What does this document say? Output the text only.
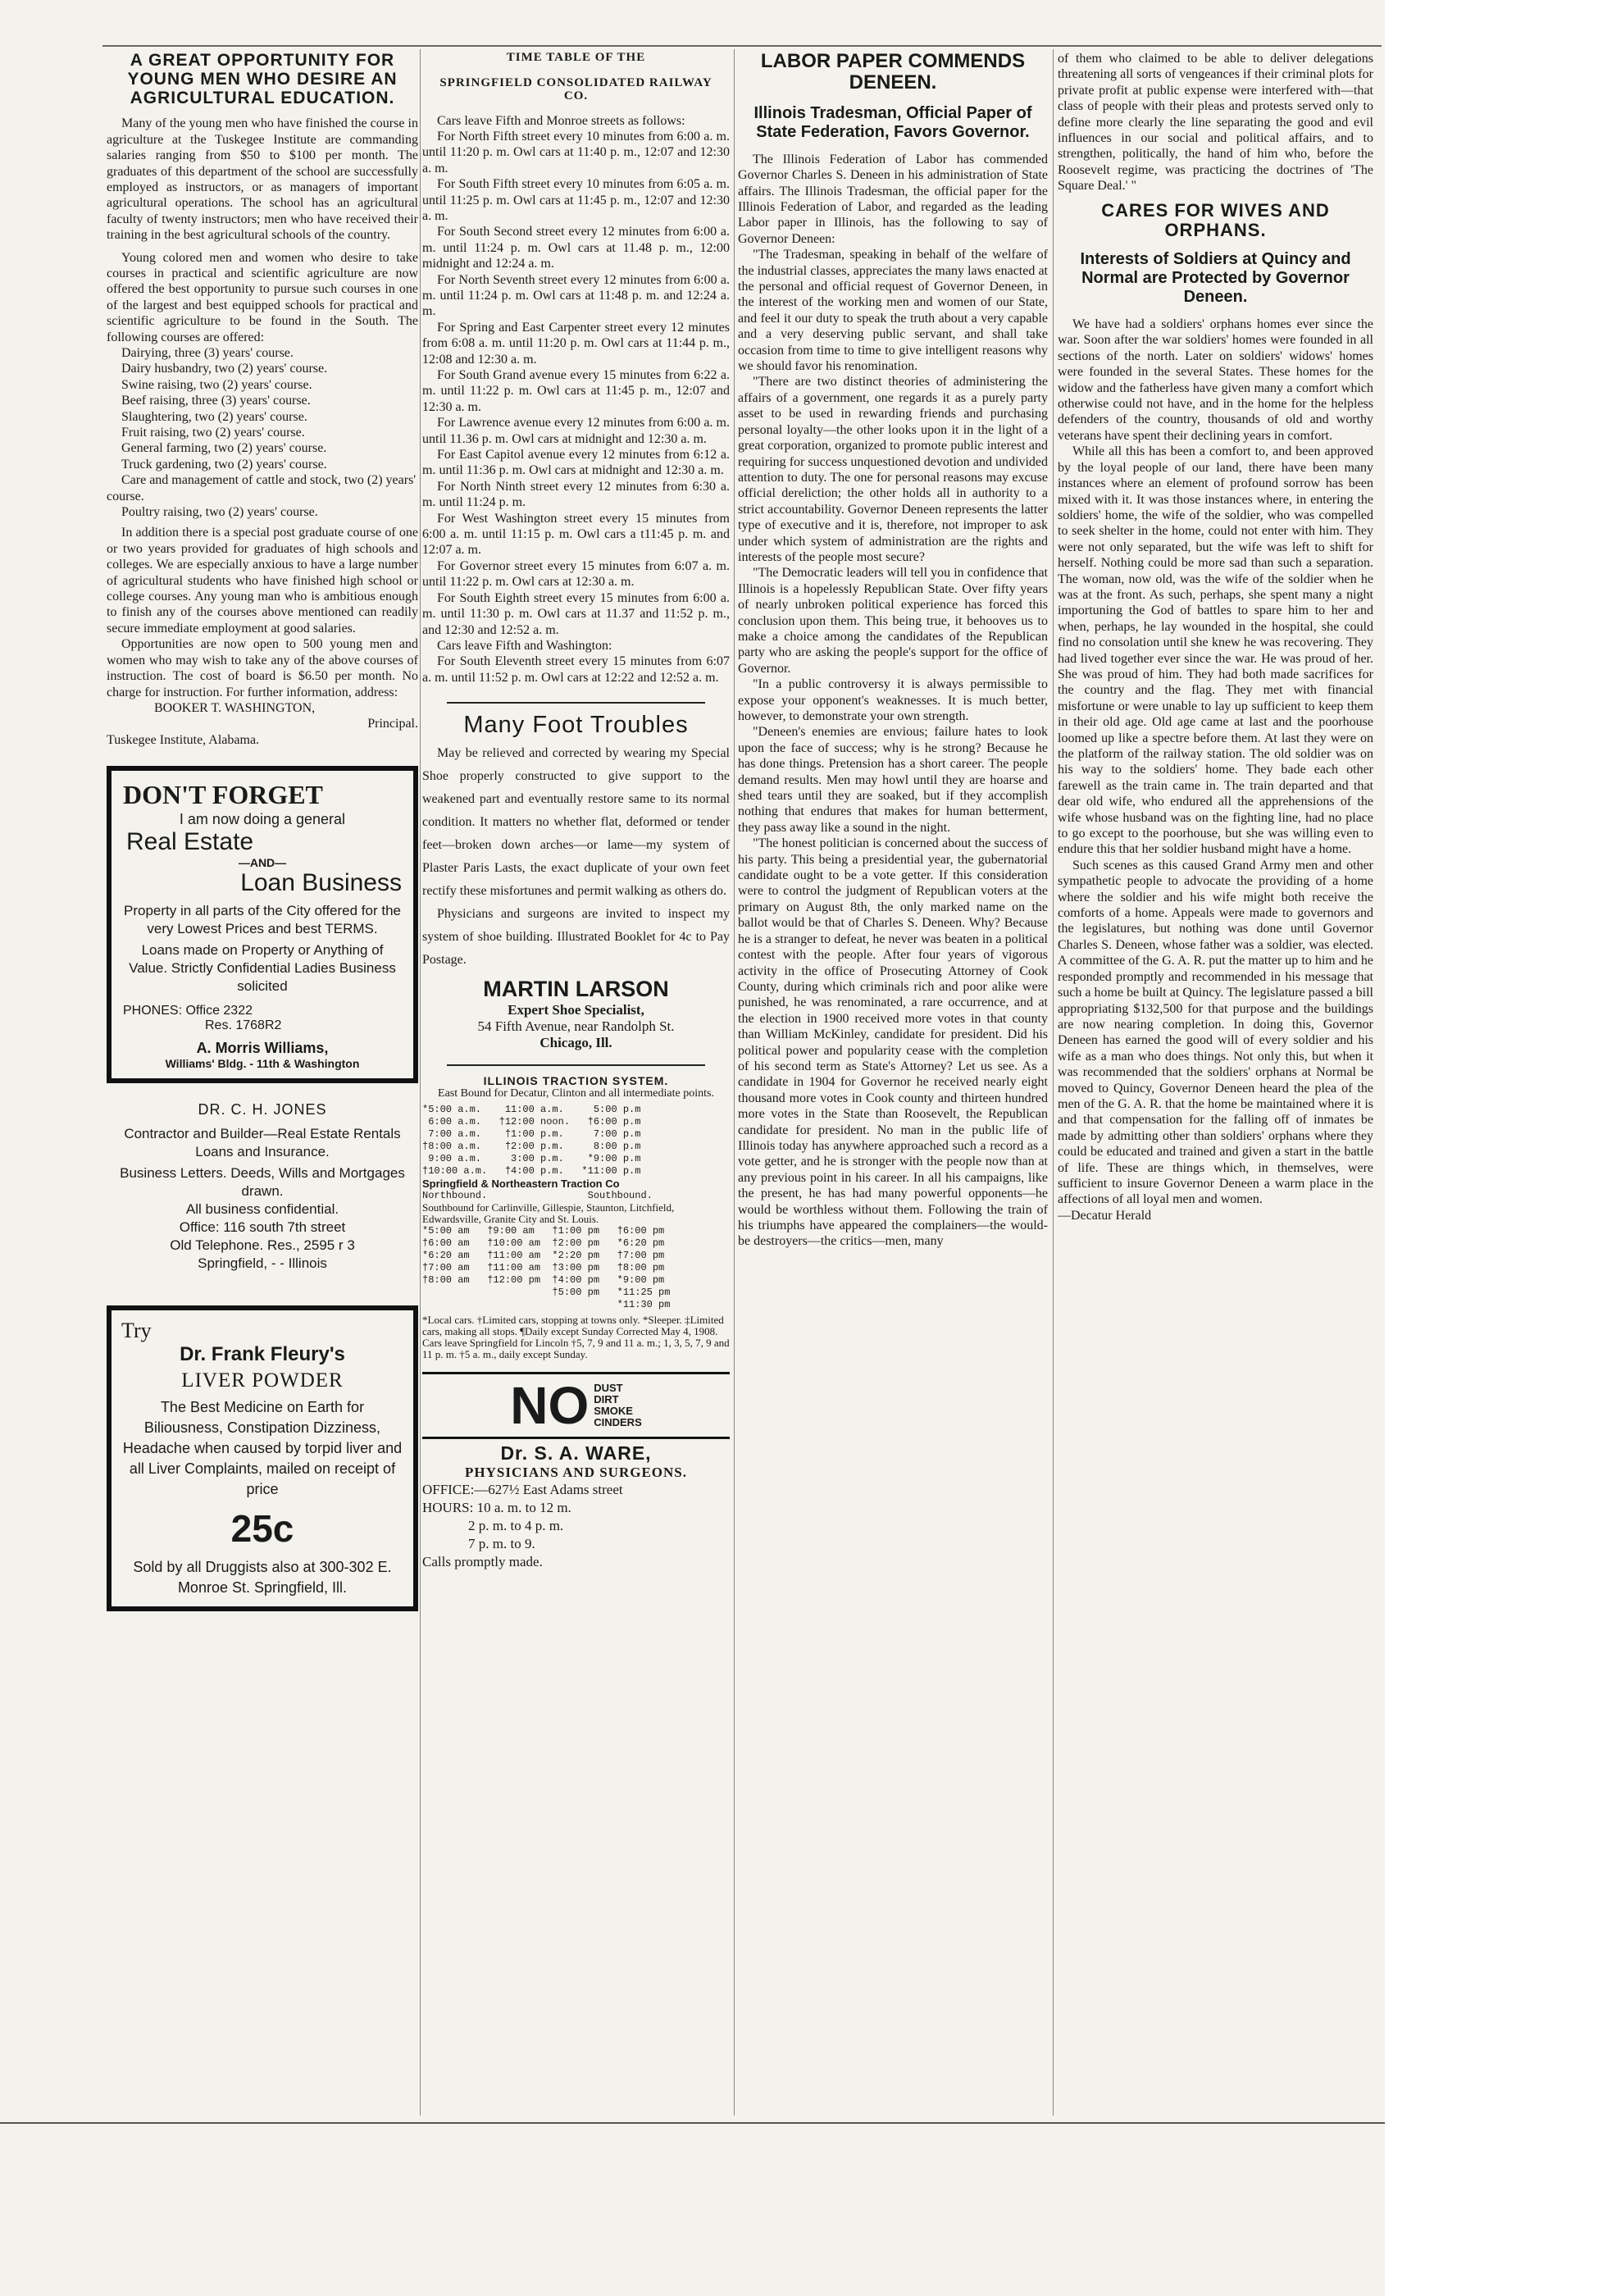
A GREAT OPPORTUNITY FOR YOUNG MEN WHO DESIRE AN AGRICULTURAL EDUCATION.
Many of the young men who have finished the course in agriculture at the Tuskegee Institute are commanding salaries ranging from $50 to $100 per month. The graduates of this department of the school are successfully employed as instructors, or as managers of important agricultural operations. The school has an agricultural faculty of twenty instructors; men who have received their training in the best agricultural schools of the country.
Young colored men and women who desire to take courses in practical and scientific agriculture are now offered the best opportunity to pursue such courses in one of the largest and best equipped schools for practical and scientific agriculture to be found in the South. The following courses are offered:
Dairying, three (3) years' course.
Dairy husbandry, two (2) years' course.
Swine raising, two (2) years' course.
Beef raising, three (3) years' course.
Slaughtering, two (2) years' course.
Fruit raising, two (2) years' course.
General farming, two (2) years' course.
Truck gardening, two (2) years' course.
Care and management of cattle and stock, two (2) years' course.
Poultry raising, two (2) years' course.
In addition there is a special post graduate course of one or two years provided for graduates of high schools and colleges. We are especially anxious to have a large number of agricultural students who have finished high school or college courses. Any young man who is ambitious enough to finish any of the courses above mentioned can readily secure immediate employment at good salaries.
Opportunities are now open to 500 young men and women who may wish to take any of the above courses of instruction. The cost of board is $6.50 per month. No charge for instruction. For further information, address:
BOOKER T. WASHINGTON,
Principal.
Tuskegee Institute, Alabama.
DON'T FORGET
I am now doing a general
Real Estate
—AND—
Loan Business
Property in all parts of the City offered for the very Lowest Prices and best TERMS.
Loans made on Property or Anything of Value. Strictly Confidential Ladies Business solicited
PHONES: Office 2322
Res. 1768R2
A. Morris Williams,
Williams' Bldg. - 11th & Washington
DR. C. H. JONES
Contractor and Builder—Real Estate Rentals Loans and Insurance.
Business Letters. Deeds, Wills and Mortgages drawn.
All business confidential.
Office: 116 south 7th street
Old Telephone. Res., 2595 r 3
Springfield, - - Illinois
Try
Dr. Frank Fleury's
LIVER POWDER
The Best Medicine on Earth for Biliousness, Constipation Dizziness, Headache when caused by torpid liver and all Liver Complaints, mailed on receipt of price
25c
Sold by all Druggists also at 300-302 E. Monroe St. Springfield, Ill.
TIME TABLE OF THE
SPRINGFIELD CONSOLIDATED RAILWAY CO.
Cars leave Fifth and Monroe streets as follows:
For North Fifth street every 10 minutes from 6:00 a. m. until 11:20 p. m. Owl cars at 11:40 p. m., 12:07 and 12:30 a. m.
For South Fifth street every 10 minutes from 6:05 a. m. until 11:25 p. m. Owl cars at 11:45 p. m., 12:07 and 12:30 a. m.
For South Second street every 12 minutes from 6:00 a. m. until 11:24 p. m. Owl cars at 11.48 p. m., 12:00 midnight and 12:24 a. m.
For North Seventh street every 12 minutes from 6:00 a. m. until 11:24 p. m. Owl cars at 11:48 p. m. and 12:24 a. m.
For Spring and East Carpenter street every 12 minutes from 6:08 a. m. until 11:20 p. m. Owl cars at 11:44 p. m., 12:08 and 12:30 a. m.
For South Grand avenue every 15 minutes from 6:22 a. m. until 11:22 p. m. Owl cars at 11:45 p. m., 12:07 and 12:30 a. m.
For Lawrence avenue every 12 minutes from 6:00 a. m. until 11.36 p. m. Owl cars at midnight and 12:30 a. m.
For East Capitol avenue every 12 minutes from 6:12 a. m. until 11:36 p. m. Owl cars at midnight and 12:30 a. m.
For North Ninth street every 12 minutes from 6:30 a. m. until 11:24 p. m.
For West Washington street every 15 minutes from 6:00 a. m. until 11:15 p. m. Owl cars a t11:45 p. m. and 12:07 a. m.
For Governor street every 15 minutes from 6:07 a. m. until 11:22 p. m. Owl cars at 12:30 a. m.
For South Eighth street every 15 minutes from 6:00 a. m. until 11:30 p. m. Owl cars at 11.37 and 11:52 p. m., and 12:30 and 12:52 a. m.
Cars leave Fifth and Washington:
For South Eleventh street every 15 minutes from 6:07 a. m. until 11:52 p. m. Owl cars at 12:22 and 12:52 a. m.
Many Foot Troubles
May be relieved and corrected by wearing my Special Shoe properly constructed to give support to the weakened part and eventually restore same to its normal condition. It matters no whether flat, deformed or tender feet—broken down arches—or lame—my system of Plaster Paris Lasts, the exact duplicate of your own feet rectify these misfortunes and permit walking as others do.
Physicians and surgeons are invited to inspect my system of shoe building. Illustrated Booklet for 4c to Pay Postage.
MARTIN LARSON
Expert Shoe Specialist,
54 Fifth Avenue, near Randolph St.
Chicago, Ill.
ILLINOIS TRACTION SYSTEM.
East Bound for Decatur, Clinton and all intermediate points.
*5:00 a.m.    11:00 a.m.     5:00 p.m
6:00 a.m.   †12:00 noon.   †6:00 p.m
7:00 a.m.    †1:00 p.m.     7:00 p.m
†8:00 a.m.    †2:00 p.m.     8:00 p.m
9:00 a.m.     3:00 p.m.    *9:00 p.m
†10:00 a.m.   †4:00 p.m.   *11:00 p.m
Springfield & Northeastern Traction Co
Northbound.                 Southbound.
Southbound for Carlinville, Gillespie, Staunton, Litchfield, Edwardsville, Granite City and St. Louis.
*5:00 am   †9:00 am   †1:00 pm   †6:00 pm
†6:00 am   †10:00 am  †2:00 pm   *6:20 pm
*6:20 am   †11:00 am  *2:20 pm   †7:00 pm
†7:00 am   †11:00 am  †3:00 pm   †8:00 pm
†8:00 am   †12:00 pm  †4:00 pm   *9:00 pm
†5:00 pm   *11:25 pm
*11:30 pm
*Local cars. †Limited cars, stopping at towns only. *Sleeper. ‡Limited cars, making all stops. ¶Daily except Sunday Corrected May 4, 1908. Cars leave Springfield for Lincoln †5, 7, 9 and 11 a. m.; 1, 3, 5, 7, 9 and 11 p. m. †5 a. m., daily except Sunday.
NO DUST
DIRT
SMOKE
CINDERS
Dr. S. A. WARE,
PHYSICIANS AND SURGEONS.
OFFICE:—627½ East Adams street
HOURS: 10 a. m. to 12 m.
2 p. m. to 4 p. m.
7 p. m. to 9.
Calls promptly made.
LABOR PAPER COMMENDS DENEEN.
Illinois Tradesman, Official Paper of State Federation, Favors Governor.
The Illinois Federation of Labor has commended Governor Charles S. Deneen in his administration of State affairs. The Illinois Tradesman, the official paper for the Illinois Federation of Labor, and regarded as the leading Labor paper in Illinois, has the following to say of Governor Deneen:
"The Tradesman, speaking in behalf of the welfare of the industrial classes, appreciates the many laws enacted at the personal and official request of Governor Deneen, in the interest of the working men and women of our State, and feel it our duty to speak the truth about a very capable and a very deserving public servant, and shall take occasion from time to time to give intelligent reasons why we should favor his renomination.
"There are two distinct theories of administering the affairs of a government, one regards it as a purely party asset to be used in rewarding friends and purchasing personal loyalty—the other looks upon it in the light of a great corporation, organized to promote public interest and requiring for success unquestioned devotion and undivided attention to duty. The one for personal reasons may excuse official dereliction; the other holds all in authority to a strict accountability. Governor Deneen represents the latter type of executive and it is, therefore, not improper to ask under which system of administration are the rights and interests of the people most secure?
"The Democratic leaders will tell you in confidence that Illinois is a hopelessly Republican State. Over fifty years of nearly unbroken political experience has forced this conclusion upon them. This being true, it behooves us to make a choice among the candidates of the Republican party who are asking the people's support for the office of Governor.
"In a public controversy it is always permissible to expose your opponent's weaknesses. It is much better, however, to demonstrate your own strength.
"Deneen's enemies are envious; failure hates to look upon the face of success; why is he strong? Because he has done things. Pretension has a short career. The people demand results. Men may howl until they are hoarse and shed tears until they are soaked, but if they accomplish nothing that endures that makes for human betterment, they pass away like a sound in the night.
"The honest politician is concerned about the success of his party. This being a presidential year, the gubernatorial candidate ought to be a vote getter. If this consideration were to control the judgment of Republican voters at the primary on August 8th, the only marked name on the ballot would be that of Charles S. Deneen. Why? Because he is a stranger to defeat, he never was beaten in a political contest with the people. After four years of vigorous activity in the office of Prosecuting Attorney of Cook County, during which criminals rich and poor alike were punished, he was renominated, a rare occurrence, and at the election in 1900 received more votes in that county than William McKinley, candidate for president. Did his political power and popularity cease with the completion of his second term as State's Attorney? Let us see. As a candidate in 1904 for Governor he received nearly eight thousand more votes in Cook county and thirteen hundred more votes in the State than Roosevelt, the Republican candidate for president. No man in the public life of Illinois today has anywhere approached such a record as a vote getter, and he is stronger with the people now than at any previous point in his career. In all his campaigns, like the present, he has had many powerful opponents—he would be worthless without them. Following the train of his triumphs have appeared the complainers—the would-be destroyers—the critics—men, many
of them who claimed to be able to deliver delegations threatening all sorts of vengeances if their criminal plots for private profit at public expense were interfered with—that class of people with their pleas and protests served only to define more clearly the line separating the good and evil influences in our social and political affairs, and to strengthen, politically, the hand of him who, before the Roosevelt regime, was practicing the doctrines of 'The Square Deal.' "
CARES FOR WIVES AND ORPHANS.
Interests of Soldiers at Quincy and Normal are Protected by Governor Deneen.
We have had a soldiers' orphans homes ever since the war. Soon after the war soldiers' homes were founded in all sections of the north. Later on soldiers' widows' homes were founded in the several States. These homes for the widow and the fatherless have given many a comfort which otherwise could not have, and in the home for the helpless defenders of the country, thousands of old and worthy veterans have spent their declining years in comfort.
While all this has been a comfort to, and been approved by the loyal people of our land, there have been many instances where an element of profound sorrow has been mixed with it. It was those instances where, in entering the soldiers' home, the wife of the soldier, who was compelled to seek shelter in the home, could not enter with him. They were not only separated, but the wife was left to shift for herself. Nothing could be more sad than such a separation. The woman, now old, was the wife of the soldier when he was at the front. As such, perhaps, she spent many a night importuning the God of battles to spare him to her and when, perhaps, he lay wounded in the hospital, she could find no consolation until she knew he was recovering. They had lived together ever since the war. He was proud of her. She was proud of him. They had both made sacrifices for the country and the flag. They met with financial misfortune or were unable to lay up sufficient to keep them in their old age. Old age came at last and the poorhouse loomed up like a spectre before them. At last they were on the platform of the railway station. The old soldier was on his way to the soldiers' home. They bade each other farewell as the train came in. The train departed and that dear old wife, who endured all the apprehensions of the wife whose husband was on the fighting line, had no place to go except to the poorhouse, but she was willing even to endure this that her soldier husband might have a home.
Such scenes as this caused Grand Army men and other sympathetic people to advocate the providing of a home where the soldier and his wife might both receive the comforts of a home. Appeals were made to governors and the legislatures, but nothing was done until Governor Charles S. Deneen, whose father was a soldier, was elected. A committee of the G. A. R. put the matter up to him and he responded promptly and recommended in his message that such a home be built at Quincy. The legislature passed a bill appropriating $132,500 for that purpose and the buildings are now nearing completion. In doing this, Governor Deneen has earned the good will of every soldier and his wife as a man who does things. Not only this, but when it was recommended that the soldiers' orphans at Normal be moved to Quincy, Governor Deneen heard the plea of the men of the G. A. R. that the home be maintained where it is and that compensation for the falling off of inmates be made by admitting other than soldiers' orphans where they could be educated and trained and given a start in the battle of life. These are things which, in themselves, were sufficient to insure Governor Deneen a warm place in the affections of all loyal men and women.
—Decatur Herald
